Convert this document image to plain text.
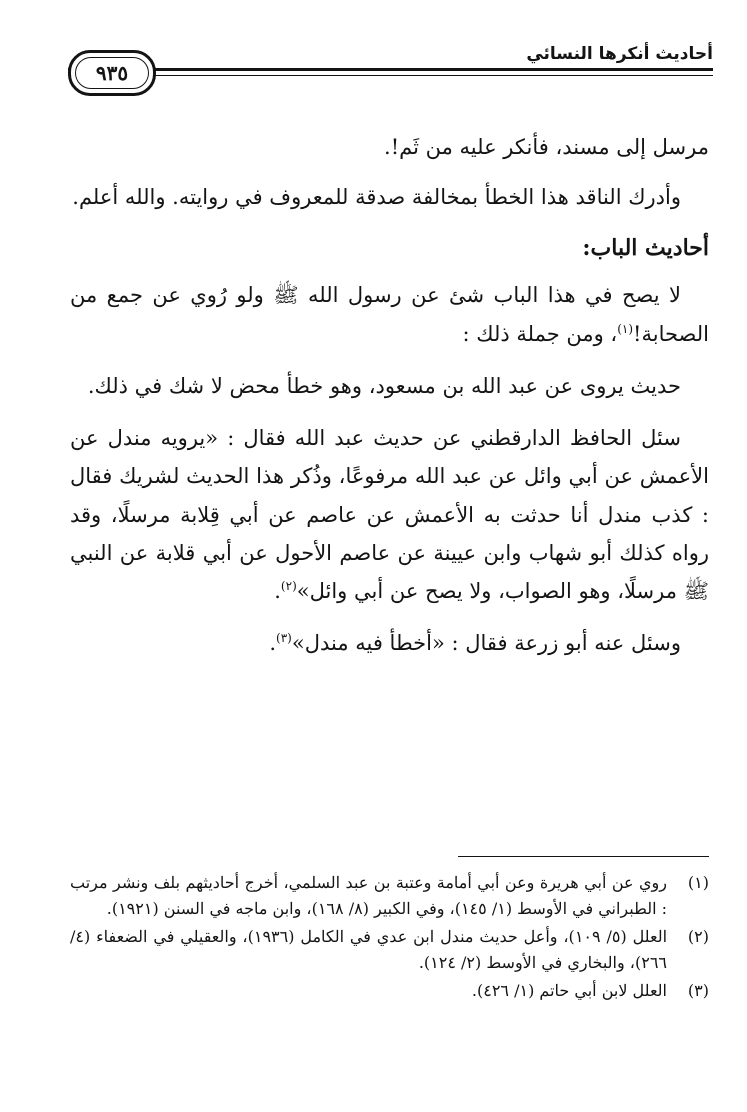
أحاديث أنكرها النسائي
٩٣٥

مرسل إلى مسند، فأنكر عليه من ثَم!.

وأدرك الناقد هذا الخطأ بمخالفة صدقة للمعروف في روايته. والله أعلم.

أحاديث الباب:

لا يصح في هذا الباب شئ عن رسول الله ﷺ ولو رُوي عن جمع من الصحابة!$^{(١)}$، ومن جملة ذلك :

حديث يروى عن عبد الله بن مسعود، وهو خطأ محض لا شك في ذلك.

سئل الحافظ الدارقطني عن حديث عبد الله فقال : «يرويه مندل عن الأعمش عن أبي وائل عن عبد الله مرفوعًا، وذُكر هذا الحديث لشريك فقال : كذب مندل أنا حدثت به الأعمش عن عاصم عن أبي قِلابة مرسلًا، وقد رواه كذلك أبو شهاب وابن عيينة عن عاصم الأحول عن أبي قلابة عن النبي ﷺ مرسلًا، وهو الصواب، ولا يصح عن أبي وائل»$^{(٢)}$.

وسئل عنه أبو زرعة فقال : «أخطأ فيه مندل»$^{(٣)}$.

(١)
روي عن أبي هريرة وعن أبي أمامة وعتبة بن عبد السلمي، أخرج أحاديثهم بلف ونشر مرتب : الطبراني في الأوسط (١/ ١٤٥)، وفي الكبير (٨/ ١٦٨)، وابن ماجه في السنن (١٩٢١).
(٢)
العلل (٥/ ١٠٩)، وأعل حديث مندل ابن عدي في الكامل (١٩٣٦)، والعقيلي في الضعفاء (٤/ ٢٦٦)، والبخاري في الأوسط (٢/ ١٢٤).
(٣)
العلل لابن أبي حاتم (١/ ٤٢٦).
